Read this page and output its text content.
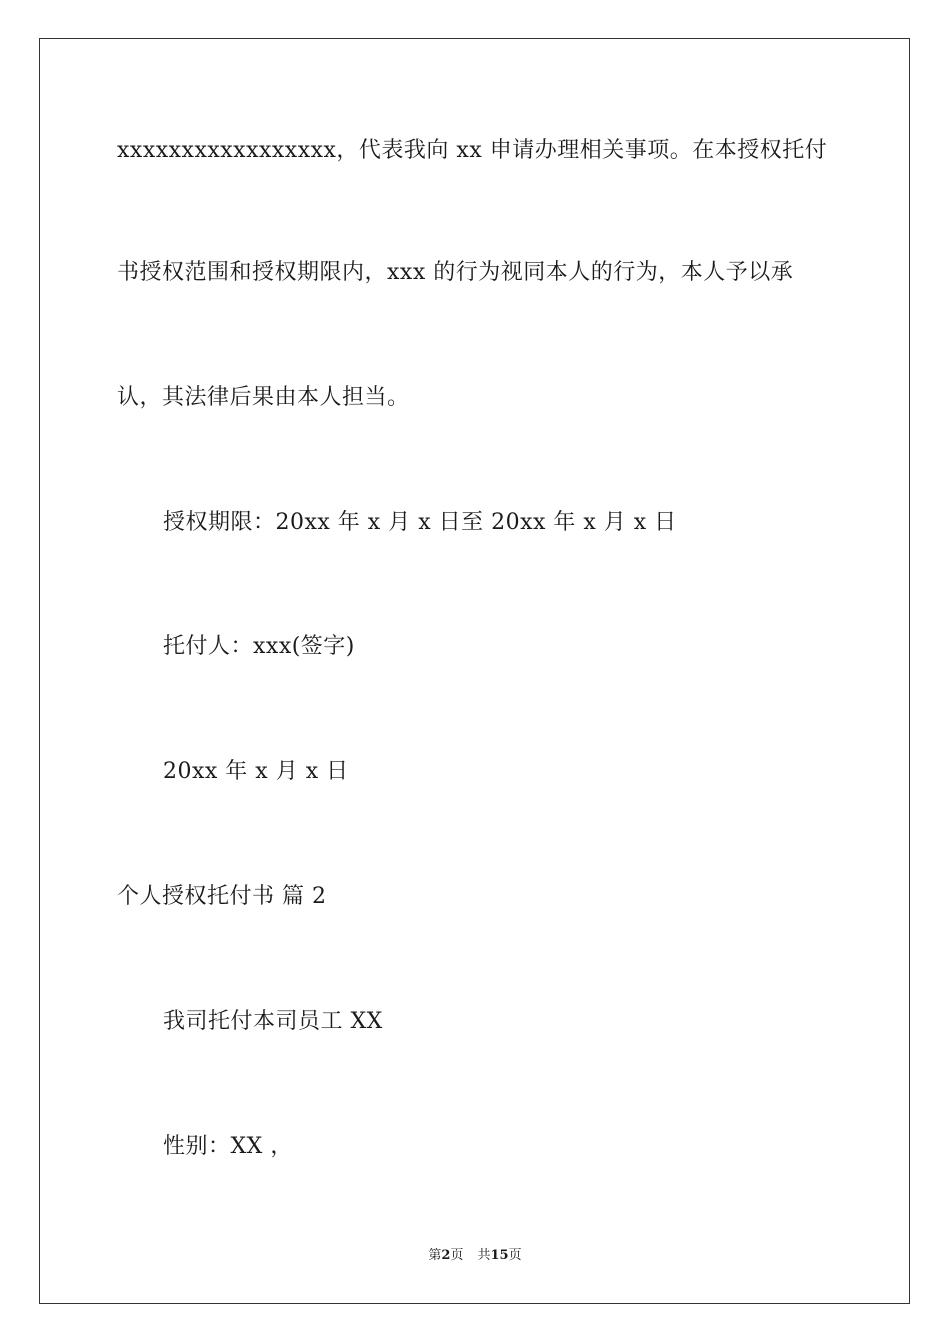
xxxxxxxxxxxxxxxxx，代表我向 xx 申请办理相关事项。在本授权托付
书授权范围和授权期限内，xxx 的行为视同本人的行为，本人予以承
认，其法律后果由本人担当。
授权期限：20xx 年 x 月 x 日至 20xx 年 x 月 x 日
托付人：xxx(签字)
20xx 年 x 月 x 日
个人授权托付书 篇 2
我司托付本司员工 XX
性别：XX ，
第2页 共15页
